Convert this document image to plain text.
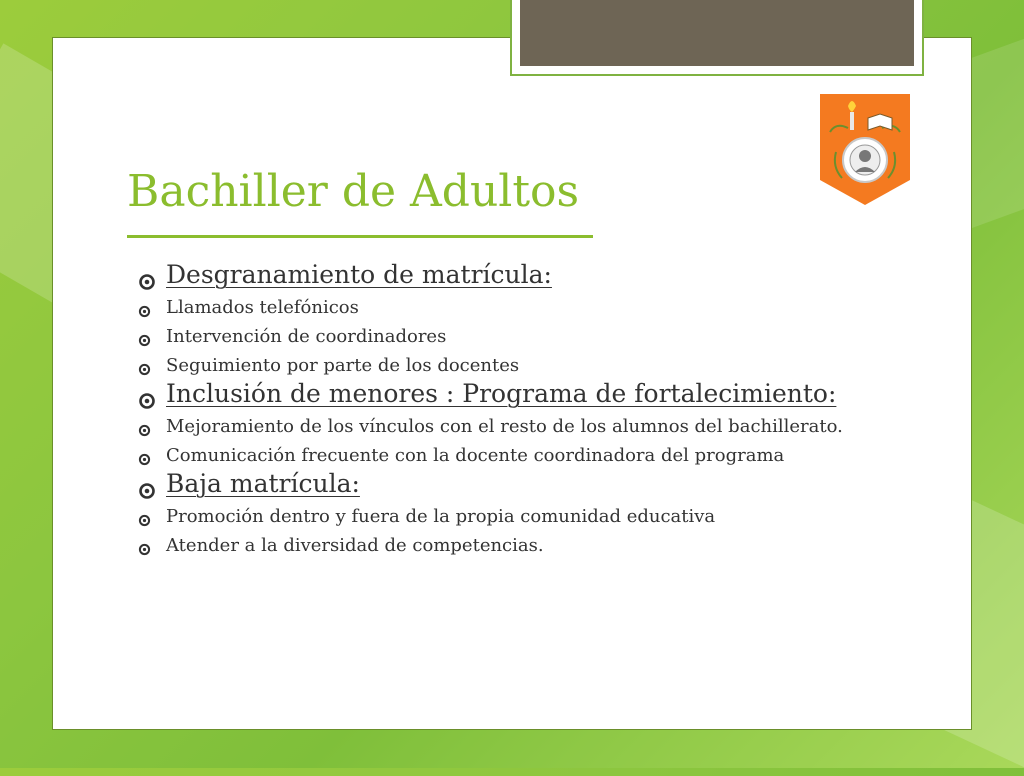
Bachiller de Adultos
Desgranamiento de matrícula:
Llamados telefónicos
Intervención de coordinadores
Seguimiento por parte de los docentes
Inclusión de menores : Programa de fortalecimiento:
Mejoramiento de los vínculos con el resto de los alumnos del bachillerato.
Comunicación frecuente con la docente coordinadora del programa
Baja matrícula:
Promoción dentro y fuera de la propia comunidad educativa
Atender a la diversidad de competencias.
